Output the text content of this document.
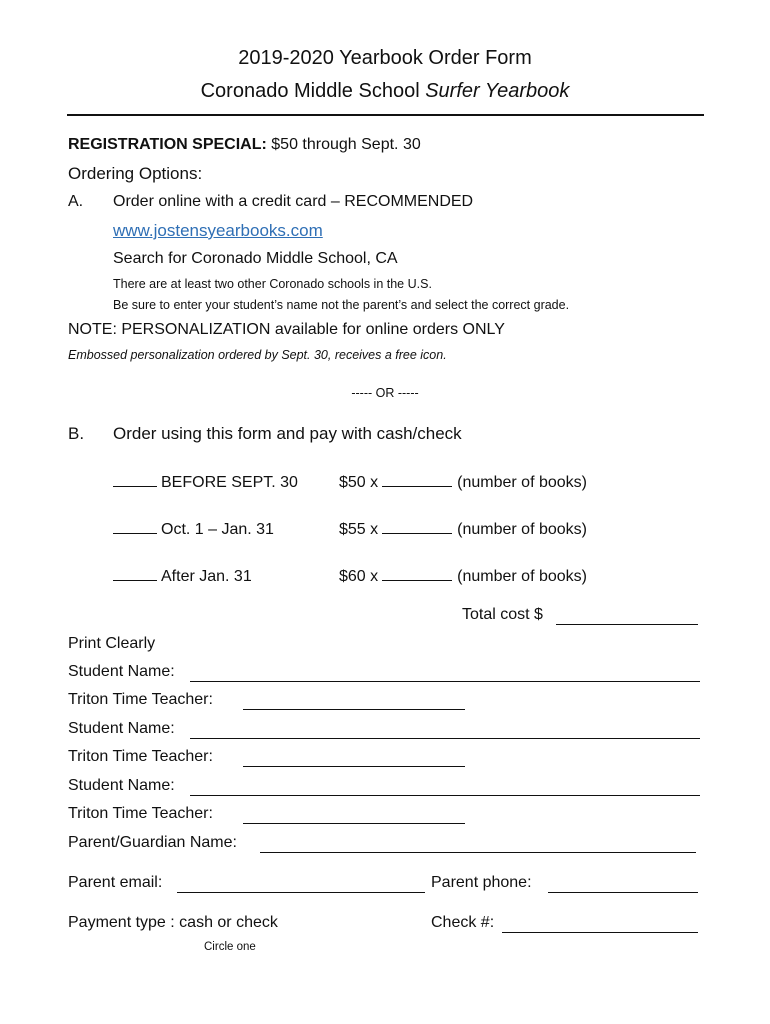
2019-2020 Yearbook Order Form
Coronado Middle School Surfer Yearbook
REGISTRATION SPECIAL: $50 through Sept. 30
Ordering Options:
A. Order online with a credit card – RECOMMENDED
www.jostensyearbooks.com
Search for Coronado Middle School, CA
There are at least two other Coronado schools in the U.S.
Be sure to enter your student’s name not the parent’s and select the correct grade.
NOTE: PERSONALIZATION available for online orders ONLY
Embossed personalization ordered by Sept. 30, receives a free icon.
----- OR -----
B. Order using this form and pay with cash/check
BEFORE SEPT. 30	$50 x	(number of books)
Oct. 1 – Jan. 31	$55 x	(number of books)
After Jan. 31	$60 x	(number of books)
Total cost $
Print Clearly
Student Name:
Triton Time Teacher:
Student Name:
Triton Time Teacher:
Student Name:
Triton Time Teacher:
Parent/Guardian Name:
Parent email:	Parent phone:
Payment type : cash or check	Check #:
Circle one
